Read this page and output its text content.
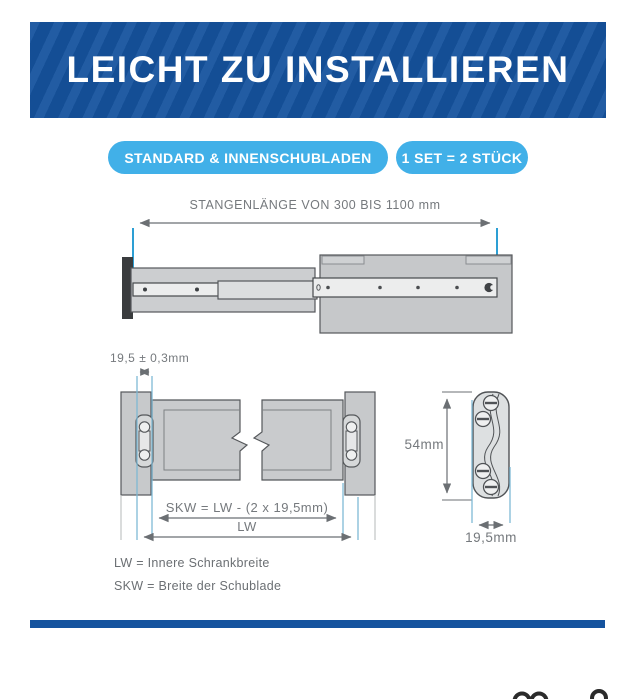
LEICHT ZU INSTALLIEREN
STANDARD & INNENSCHUBLADEN 1 SET = 2 STÜCK
STANGENLÄNGE VON 300 BIS 1100 mm
19,5 ± 0,3mm
SKW = LW - (2 x 19,5mm)
LW
54mm
19,5mm
LW = Innere Schrankbreite
SKW = Breite der Schublade
